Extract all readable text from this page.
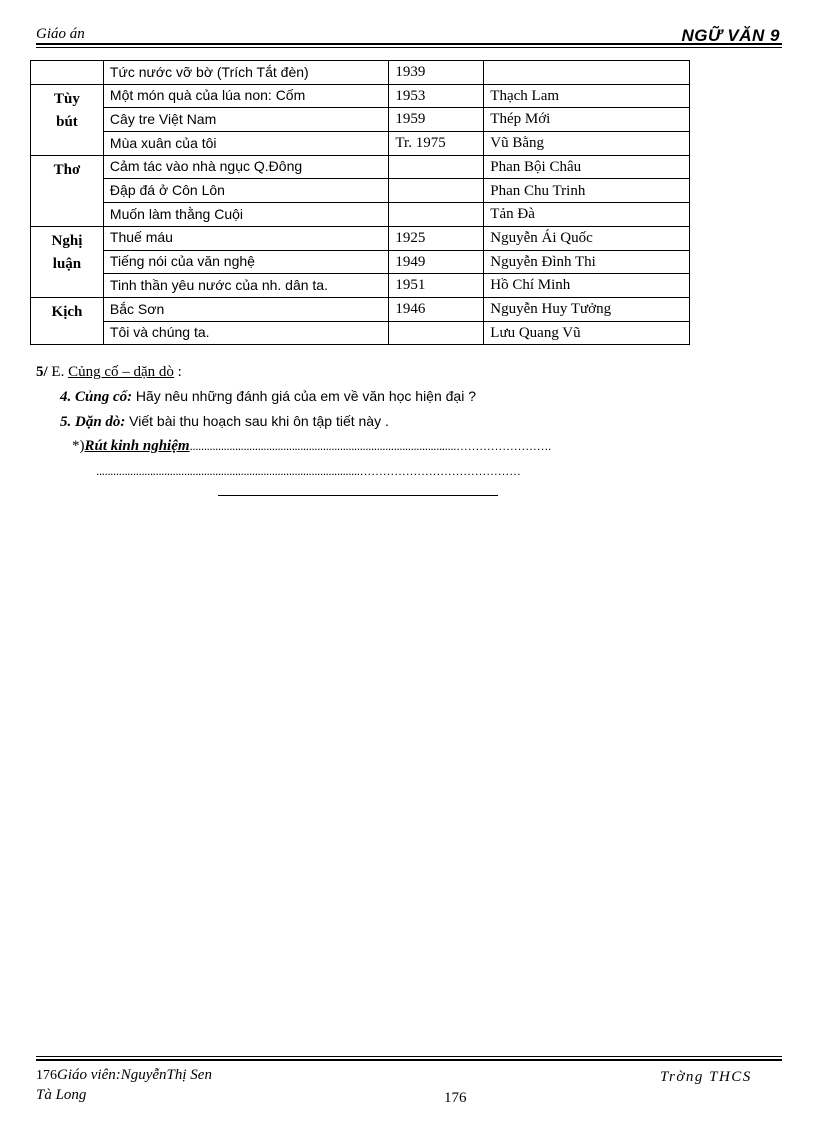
Giáo án	NGỮ VĂN 9
	Tức nước vỡ bờ (Trích Tắt đèn)	1939	

Tùy
bút	Một món quà của lúa non: Cốm	1953	Thạch Lam
	Cây tre Việt Nam	1959	Thép Mới
	Mùa xuân của tôi	Tr. 1975	Vũ Bằng

Thơ	Cảm tác vào nhà ngục Q.Đông		Phan Bội Châu
	Đập đá ở Côn Lôn		Phan Chu Trinh
	Muốn làm thằng Cuội		Tản Đà

Nghị
luận	Thuế máu	1925	Nguyễn Ái Quốc
	Tiếng nói của văn nghệ	1949	Nguyễn Đình Thi
	Tinh thần yêu nước của nh. dân ta.	1951	Hồ Chí Minh

Kịch	Bắc Sơn	1946	Nguyễn Huy Tưởng
	Tôi và chúng ta.		Lưu Quang Vũ
5/ E. Củng cố – dặn dò :
4. Củng cố: Hãy nêu những đánh giá của em về văn học hiện đại ?
5. Dặn dò: Viết bài thu hoạch sau khi ôn tập tiết này .
*)Rút kinh nghiệm..............................................................................................…………………….
.............................................................................................……………………………………
176Giáo viên:NguyễnThị Sen
Tà Long
Trờng THCS
176
